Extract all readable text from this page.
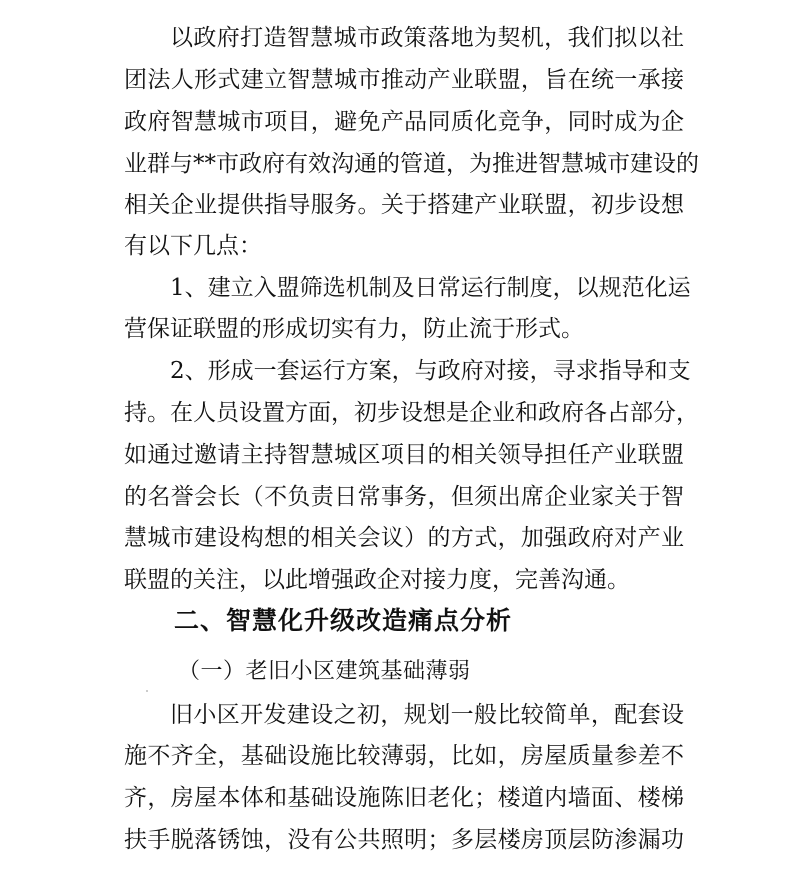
以政府打造智慧城市政策落地为契机，我们拟以社
团法人形式建立智慧城市推动产业联盟，旨在统一承接
政府智慧城市项目，避免产品同质化竞争，同时成为企
业群与**市政府有效沟通的管道，为推进智慧城市建设的
相关企业提供指导服务。关于搭建产业联盟，初步设想
有以下几点：
1、建立入盟筛选机制及日常运行制度，以规范化运
营保证联盟的形成切实有力，防止流于形式。
2、形成一套运行方案，与政府对接，寻求指导和支
持。在人员设置方面，初步设想是企业和政府各占部分，
如通过邀请主持智慧城区项目的相关领导担任产业联盟
的名誉会长（不负责日常事务，但须出席企业家关于智
慧城市建设构想的相关会议）的方式，加强政府对产业
联盟的关注，以此增强政企对接力度，完善沟通。
二、智慧化升级改造痛点分析
（一）老旧小区建筑基础薄弱
旧小区开发建设之初，规划一般比较简单，配套设
施不齐全，基础设施比较薄弱，比如，房屋质量参差不
齐，房屋本体和基础设施陈旧老化；楼道内墙面、楼梯
扶手脱落锈蚀，没有公共照明；多层楼房顶层防渗漏功
